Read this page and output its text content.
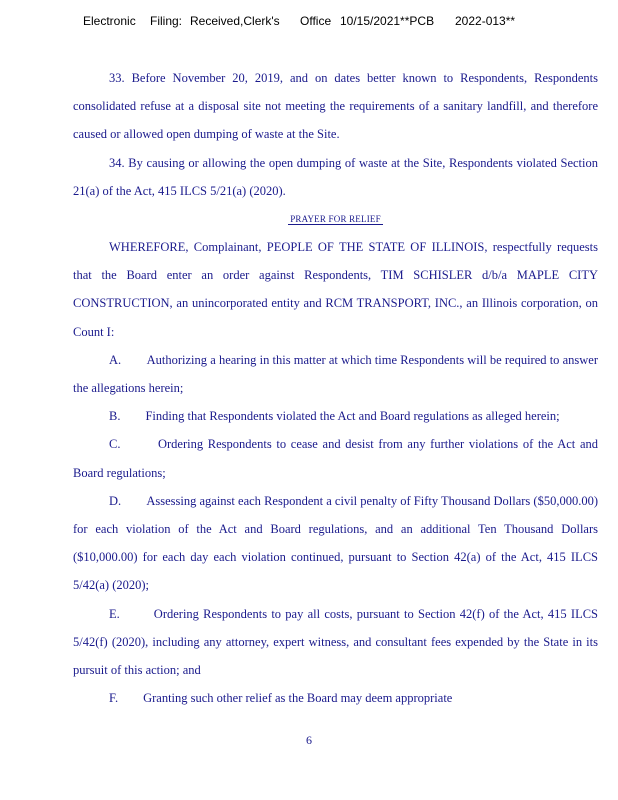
Electronic Filing: Received,Clerk's Office 10/15/2021**PCB 2022-013**

33. Before November 20, 2019, and on dates better known to Respondents, Respondents consolidated refuse at a disposal site not meeting the requirements of a sanitary landfill, and therefore caused or allowed open dumping of waste at the Site.

34. By causing or allowing the open dumping of waste at the Site, Respondents violated Section 21(a) of the Act, 415 ILCS 5/21(a) (2020).

PRAYER FOR RELIEF

WHEREFORE, Complainant, PEOPLE OF THE STATE OF ILLINOIS, respectfully requests that the Board enter an order against Respondents, TIM SCHISLER d/b/a MAPLE CITY CONSTRUCTION, an unincorporated entity and RCM TRANSPORT, INC., an Illinois corporation, on Count I:

A. Authorizing a hearing in this matter at which time Respondents will be required to answer the allegations herein;

B. Finding that Respondents violated the Act and Board regulations as alleged herein;

C.	Ordering Respondents to cease and desist from any further violations of the Act and Board regulations;

D. Assessing against each Respondent a civil penalty of Fifty Thousand Dollars ($50,000.00) for each violation of the Act and Board regulations, and an additional Ten Thousand Dollars ($10,000.00) for each day each violation continued, pursuant to Section 42(a) of the Act, 415 ILCS 5/42(a) (2020);

E.	Ordering Respondents to pay all costs, pursuant to Section 42(f) of the Act, 415 ILCS 5/42(f) (2020), including any attorney, expert witness, and consultant fees expended by the State in its pursuit of this action; and

F. Granting such other relief as the Board may deem appropriate

6
